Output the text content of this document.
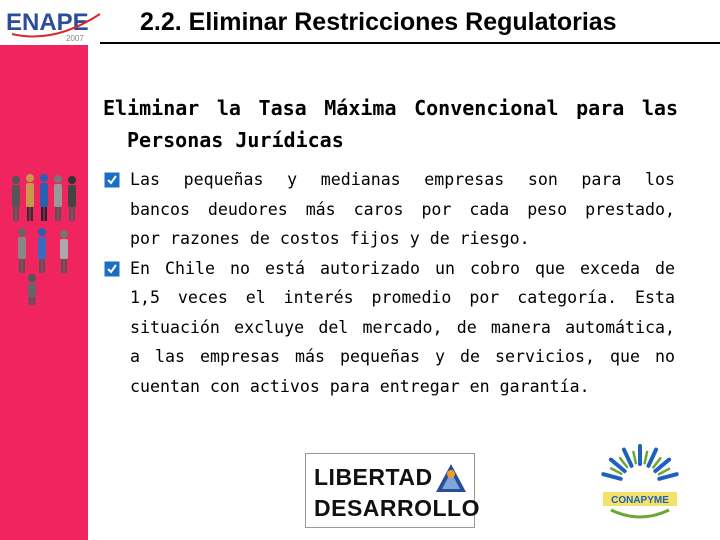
ENAPE
2007
2.2. Eliminar Restricciones Regulatorias
Eliminar la Tasa Máxima Convencional para las
Personas Jurídicas
Las pequeñas y medianas empresas son para los
bancos deudores más caros por cada peso prestado,
por razones de costos fijos y de riesgo.
En Chile no está autorizado un cobro que exceda de
1,5 veces el interés promedio por categoría. Esta
situación excluye del mercado, de manera automática,
a las empresas más pequeñas y de servicios, que no
cuentan con activos para entregar en garantía.
LIBERTAD
DESARROLLO	CONAPYME
